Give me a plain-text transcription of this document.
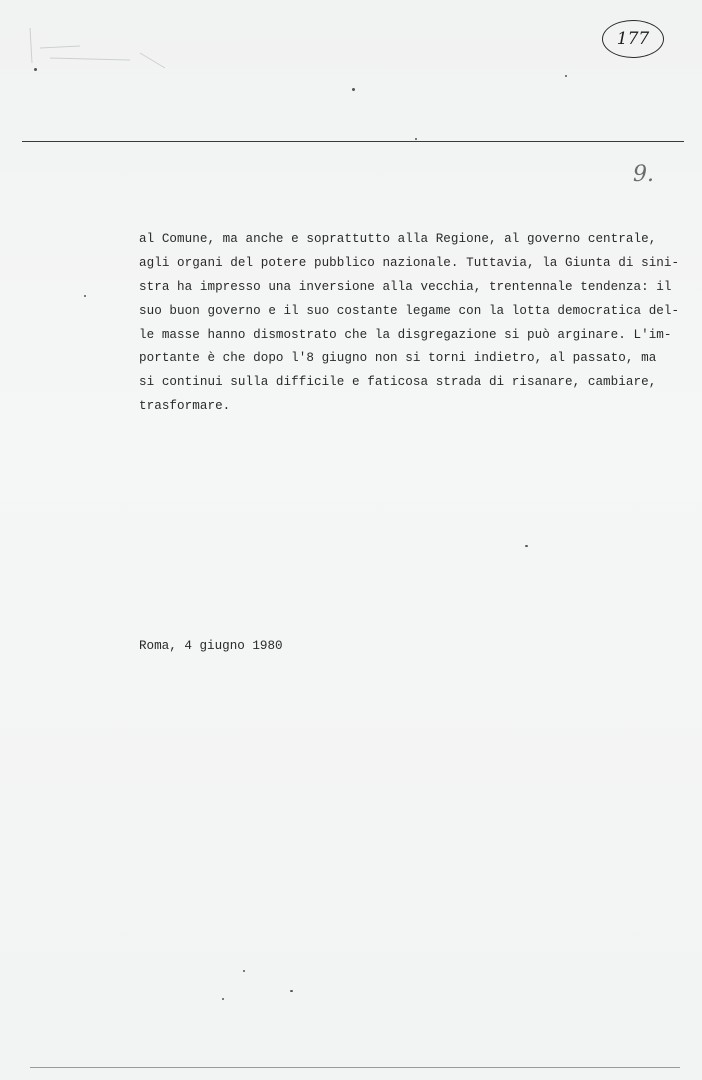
177
9.
al Comune, ma anche e soprattutto alla Regione, al governo centrale,
agli organi del potere pubblico nazionale. Tuttavia, la Giunta di sini-
stra ha impresso una inversione alla vecchia, trentennale tendenza: il
suo buon governo e il suo costante legame con la lotta democratica del-
le masse hanno dismostrato che la disgregazione si può arginare. L'im-
portante è che dopo l'8 giugno non si torni indietro, al passato, ma
si continui sulla difficile e faticosa strada di risanare, cambiare,
trasformare.
Roma, 4 giugno 1980
